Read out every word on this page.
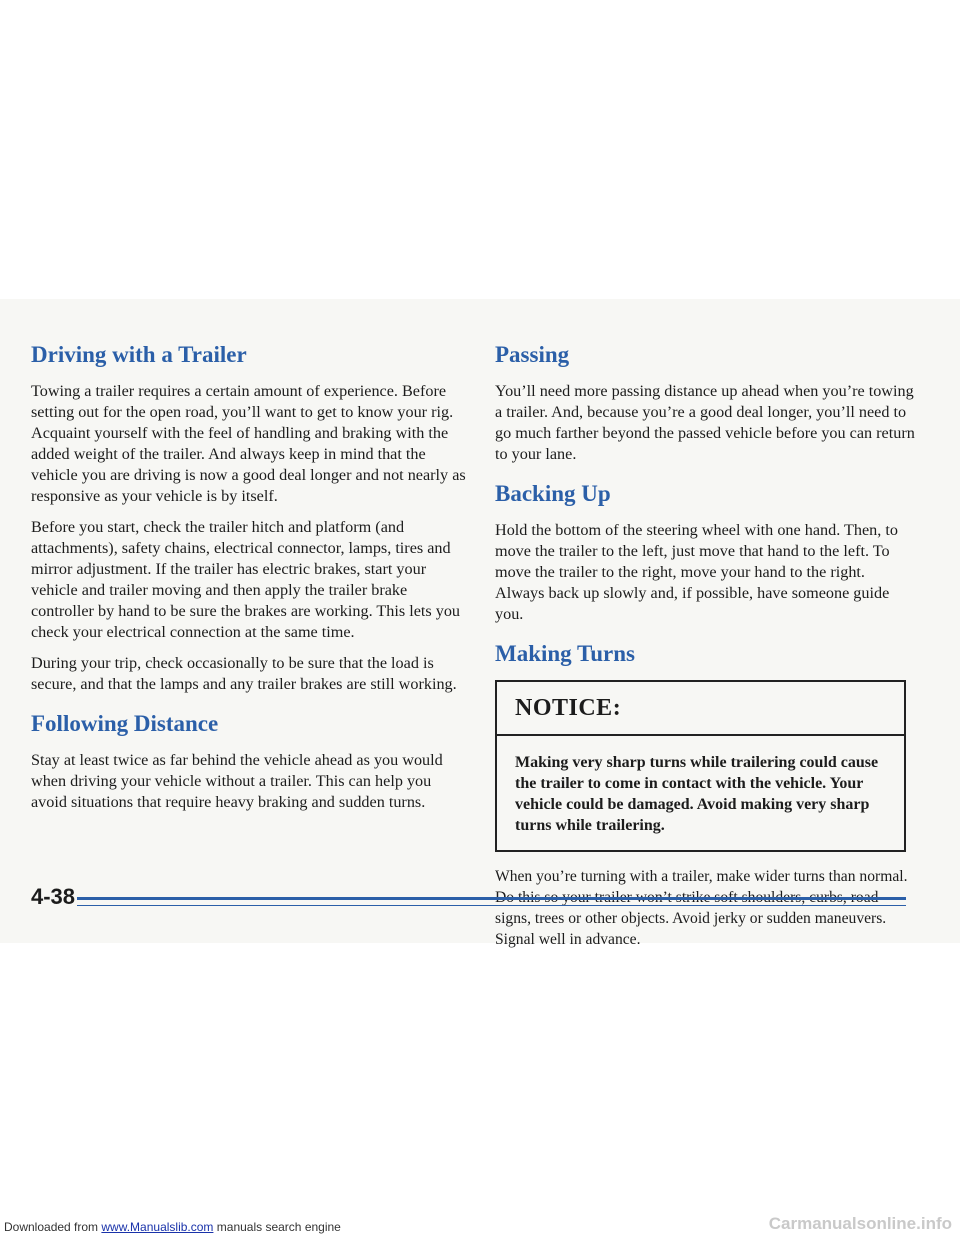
Driving with a Trailer

Towing a trailer requires a certain amount of experience. Before setting out for the open road, you’ll want to get to know your rig. Acquaint yourself with the feel of handling and braking with the added weight of the trailer. And always keep in mind that the vehicle you are driving is now a good deal longer and not nearly as responsive as your vehicle is by itself.

Before you start, check the trailer hitch and platform (and attachments), safety chains, electrical connector, lamps, tires and mirror adjustment. If the trailer has electric brakes, start your vehicle and trailer moving and then apply the trailer brake controller by hand to be sure the brakes are working. This lets you check your electrical connection at the same time.

During your trip, check occasionally to be sure that the load is secure, and that the lamps and any trailer brakes are still working.

Following Distance

Stay at least twice as far behind the vehicle ahead as you would when driving your vehicle without a trailer. This can help you avoid situations that require heavy braking and sudden turns.

Passing

You’ll need more passing distance up ahead when you’re towing a trailer. And, because you’re a good deal longer, you’ll need to go much farther beyond the passed vehicle before you can return to your lane.

Backing Up

Hold the bottom of the steering wheel with one hand. Then, to move the trailer to the left, just move that hand to the left. To move the trailer to the right, move your hand to the right. Always back up slowly and, if possible, have someone guide you.

Making Turns
NOTICE:
Making very sharp turns while trailering could cause the trailer to come in contact with the vehicle. Your vehicle could be damaged. Avoid making very sharp turns while trailering.

When you’re turning with a trailer, make wider turns than normal. signs, trees or other objects. Avoid jerky or sudden maneuvers. Signal well in advance.

4-38
Downloaded from www.Manualslib.com manuals search engine	Carmanualsonline.info
